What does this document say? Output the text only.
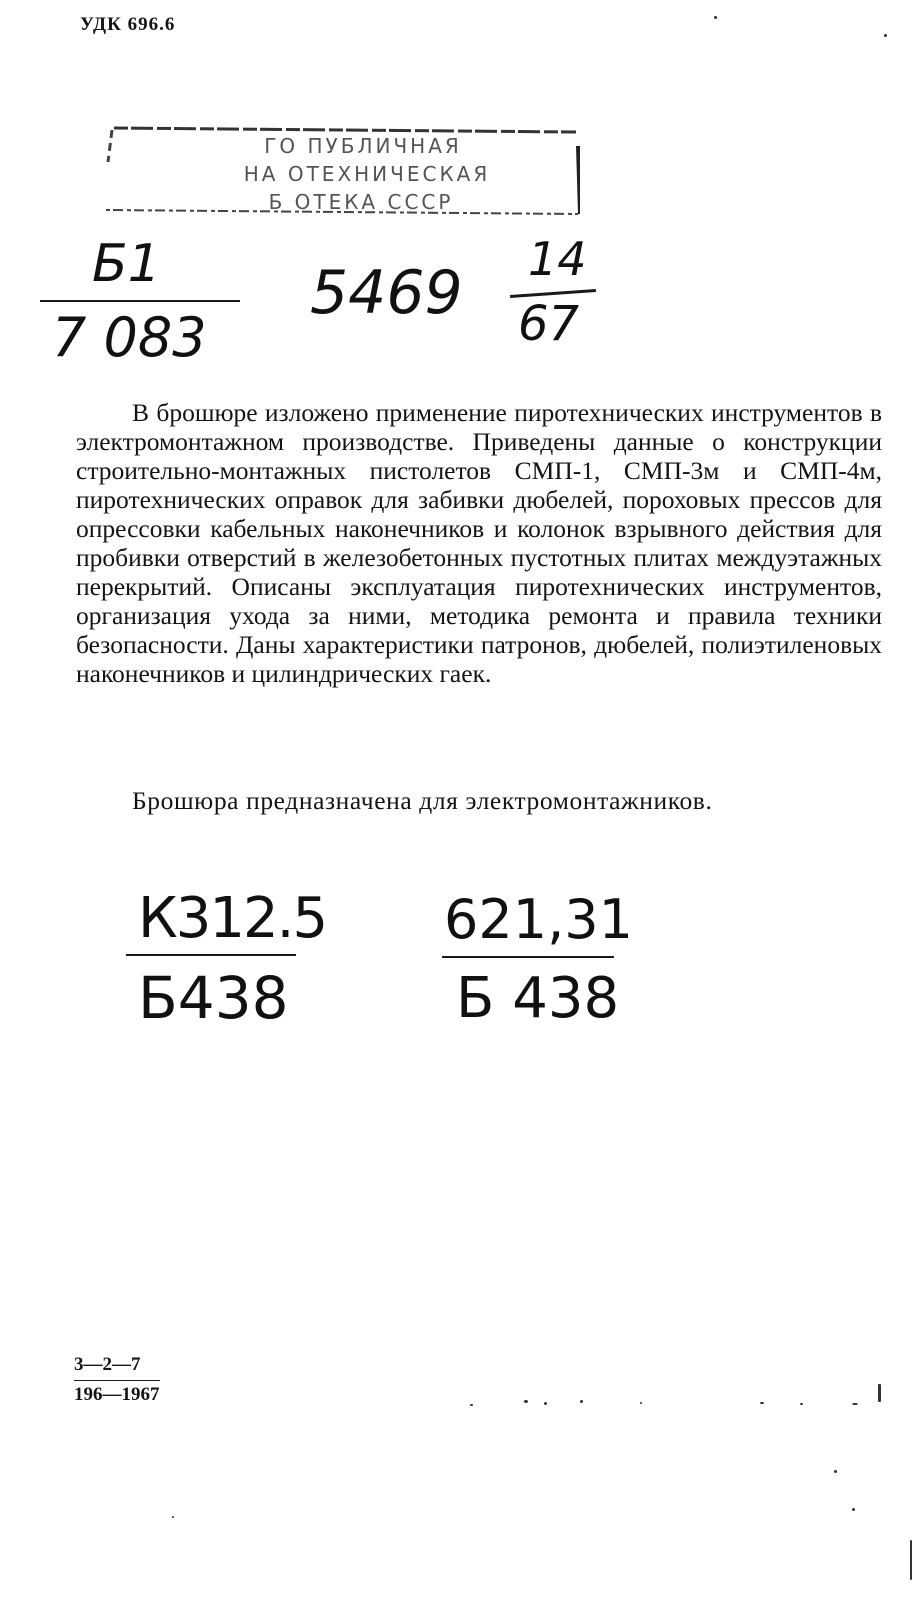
УДК 696.6
ГО ПУБЛИЧНАЯ
НА ОТЕХНИЧЕСКАЯ
Б ОТЕКА СССР
Б1
7 083
5469 14
67

В брошюре изложено применение пиротехнических инструментов в электромонтажном производстве. Приведены данные о конструкции строительно-монтажных пистолетов СМП-1, СМП-3м и СМП-4м, пиротехнических оправок для забивки дюбелей, пороховых прессов для опрессовки кабельных наконечников и колонок взрывного действия для пробивки отверстий в железобетонных пустотных плитах междуэтажных перекрытий. Описаны эксплуатация пиротехнических инструментов, организация ухода за ними, методика ремонта и правила техники безопасности. Даны характеристики патронов, дюбелей, полиэтиленовых наконечников и цилиндрических гаек.

Брошюра предназначена для электромонтажников.

К312.5
Б438
621,31
Б 438
3—2—7
196—1967
